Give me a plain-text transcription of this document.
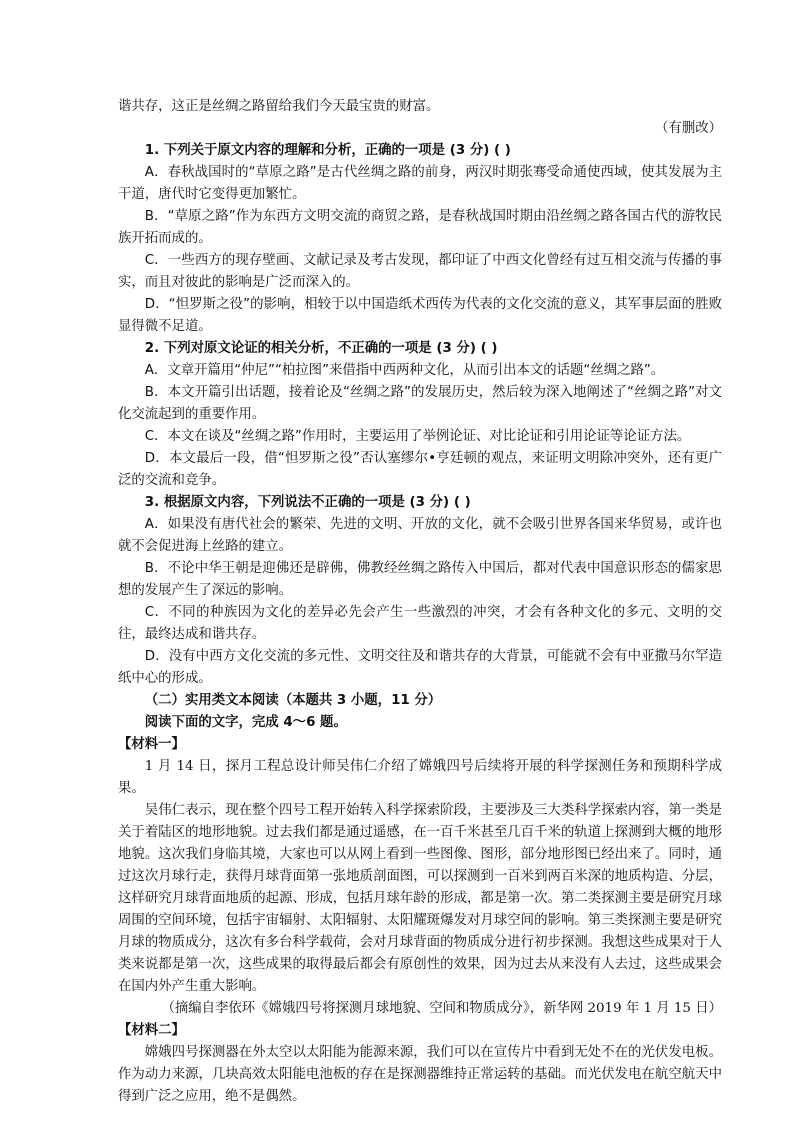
谐共存，这正是丝绸之路留给我们今天最宝贵的财富。

（有删改）

1. 下列关于原文内容的理解和分析，正确的一项是 (3 分) ( )

A．春秋战国时的“草原之路”是古代丝绸之路的前身，两汉时期张骞受命通使西域，使其发展为主干道，唐代时它变得更加繁忙。

B．“草原之路”作为东西方文明交流的商贸之路，是春秋战国时期由沿丝绸之路各国古代的游牧民族开拓而成的。

C．一些西方的现存壁画、文献记录及考古发现，都印证了中西文化曾经有过互相交流与传播的事实，而且对彼此的影响是广泛而深入的。

D．“怛罗斯之役”的影响，相较于以中国造纸术西传为代表的文化交流的意义，其军事层面的胜败显得微不足道。

2. 下列对原文论证的相关分析，不正确的一项是 (3 分) ( )

A．文章开篇用“仲尼”“柏拉图”来借指中西两种文化，从而引出本文的话题“丝绸之路”。

B．本文开篇引出话题，接着论及“丝绸之路”的发展历史，然后较为深入地阐述了“丝绸之路”对文化交流起到的重要作用。

C．本文在谈及“丝绸之路”作用时，主要运用了举例论证、对比论证和引用论证等论证方法。

D．本文最后一段，借“怛罗斯之役”否认塞缪尔•亨廷顿的观点，来证明文明除冲突外，还有更广泛的交流和竞争。

3. 根据原文内容，下列说法不正确的一项是 (3 分) ( )

A．如果没有唐代社会的繁荣、先进的文明、开放的文化，就不会吸引世界各国来华贸易，或许也就不会促进海上丝路的建立。

B．不论中华王朝是迎佛还是辟佛，佛教经丝绸之路传入中国后，都对代表中国意识形态的儒家思想的发展产生了深远的影响。

C．不同的种族因为文化的差异必先会产生一些激烈的冲突，才会有各种文化的多元、文明的交往，最终达成和谐共存。

D．没有中西方文化交流的多元性、文明交往及和谐共存的大背景，可能就不会有中亚撒马尔罕造纸中心的形成。

（二）实用类文本阅读（本题共 3 小题，11 分）

阅读下面的文字，完成 4～6 题。

【材料一】

1 月 14 日，探月工程总设计师吴伟仁介绍了嫦娥四号后续将开展的科学探测任务和预期科学成果。

吴伟仁表示，现在整个四号工程开始转入科学探索阶段，主要涉及三大类科学探索内容，第一类是关于着陆区的地形地貌。过去我们都是通过遥感，在一百千米甚至几百千米的轨道上探测到大概的地形地貌。这次我们身临其境，大家也可以从网上看到一些图像、图形，部分地形图已经出来了。同时，通过这次月球行走，获得月球背面第一张地质剖面图，可以探测到一百米到两百米深的地质构造、分层，这样研究月球背面地质的起源、形成，包括月球年龄的形成，都是第一次。第二类探测主要是研究月球周围的空间环境，包括宇宙辐射、太阳辐射、太阳耀斑爆发对月球空间的影响。第三类探测主要是研究月球的物质成分，这次有多台科学载荷，会对月球背面的物质成分进行初步探测。我想这些成果对于人类来说都是第一次，这些成果的取得最后都会有原创性的效果，因为过去从来没有人去过，这些成果会在国内外产生重大影响。

（摘编自李依环《嫦娥四号将探测月球地貌、空间和物质成分》，新华网 2019 年 1 月 15 日）

【材料二】

嫦娥四号探测器在外太空以太阳能为能源来源，我们可以在宣传片中看到无处不在的光伏发电板。作为动力来源，几块高效太阳能电池板的存在是探测器维持正常运转的基础。而光伏发电在航空航天中得到广泛之应用，绝不是偶然。
